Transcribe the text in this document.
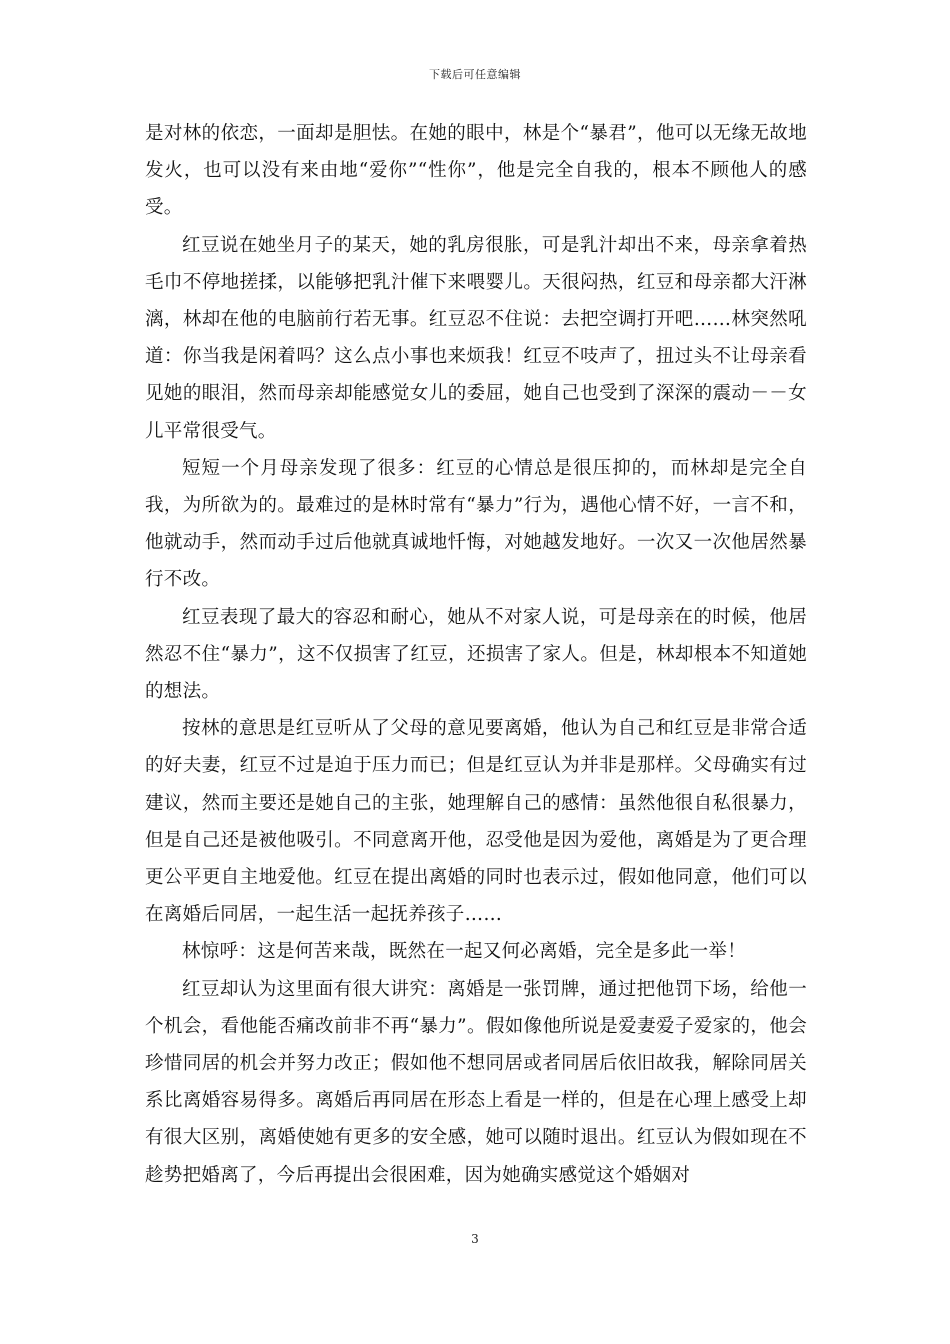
下载后可任意编辑

是对林的依恋，一面却是胆怯。在她的眼中，林是个“暴君”，他可以无缘无故地发火，也可以没有来由地“爱你”“性你”，他是完全自我的，根本不顾他人的感受。

红豆说在她坐月子的某天，她的乳房很胀，可是乳汁却出不来，母亲拿着热毛巾不停地搓揉，以能够把乳汁催下来喂婴儿。天很闷热，红豆和母亲都大汗淋漓，林却在他的电脑前行若无事。红豆忍不住说：去把空调打开吧……林突然吼道：你当我是闲着吗？这么点小事也来烦我！红豆不吱声了，扭过头不让母亲看见她的眼泪，然而母亲却能感觉女儿的委屈，她自己也受到了深深的震动－－女儿平常很受气。

短短一个月母亲发现了很多：红豆的心情总是很压抑的，而林却是完全自我，为所欲为的。最难过的是林时常有“暴力”行为，遇他心情不好，一言不和，他就动手，然而动手过后他就真诚地忏悔，对她越发地好。一次又一次他居然暴行不改。

红豆表现了最大的容忍和耐心，她从不对家人说，可是母亲在的时候，他居然忍不住“暴力”，这不仅损害了红豆，还损害了家人。但是，林却根本不知道她的想法。

按林的意思是红豆听从了父母的意见要离婚，他认为自己和红豆是非常合适的好夫妻，红豆不过是迫于压力而已；但是红豆认为并非是那样。父母确实有过建议，然而主要还是她自己的主张，她理解自己的感情：虽然他很自私很暴力，但是自己还是被他吸引。不同意离开他，忍受他是因为爱他，离婚是为了更合理更公平更自主地爱他。红豆在提出离婚的同时也表示过，假如他同意，他们可以在离婚后同居，一起生活一起抚养孩子……

林惊呼：这是何苦来哉，既然在一起又何必离婚，完全是多此一举！

红豆却认为这里面有很大讲究：离婚是一张罚牌，通过把他罚下场，给他一个机会，看他能否痛改前非不再“暴力”。假如像他所说是爱妻爱子爱家的，他会珍惜同居的机会并努力改正；假如他不想同居或者同居后依旧故我，解除同居关系比离婚容易得多。离婚后再同居在形态上看是一样的，但是在心理上感受上却有很大区别，离婚使她有更多的安全感，她可以随时退出。红豆认为假如现在不趁势把婚离了，今后再提出会很困难，因为她确实感觉这个婚姻对

3
